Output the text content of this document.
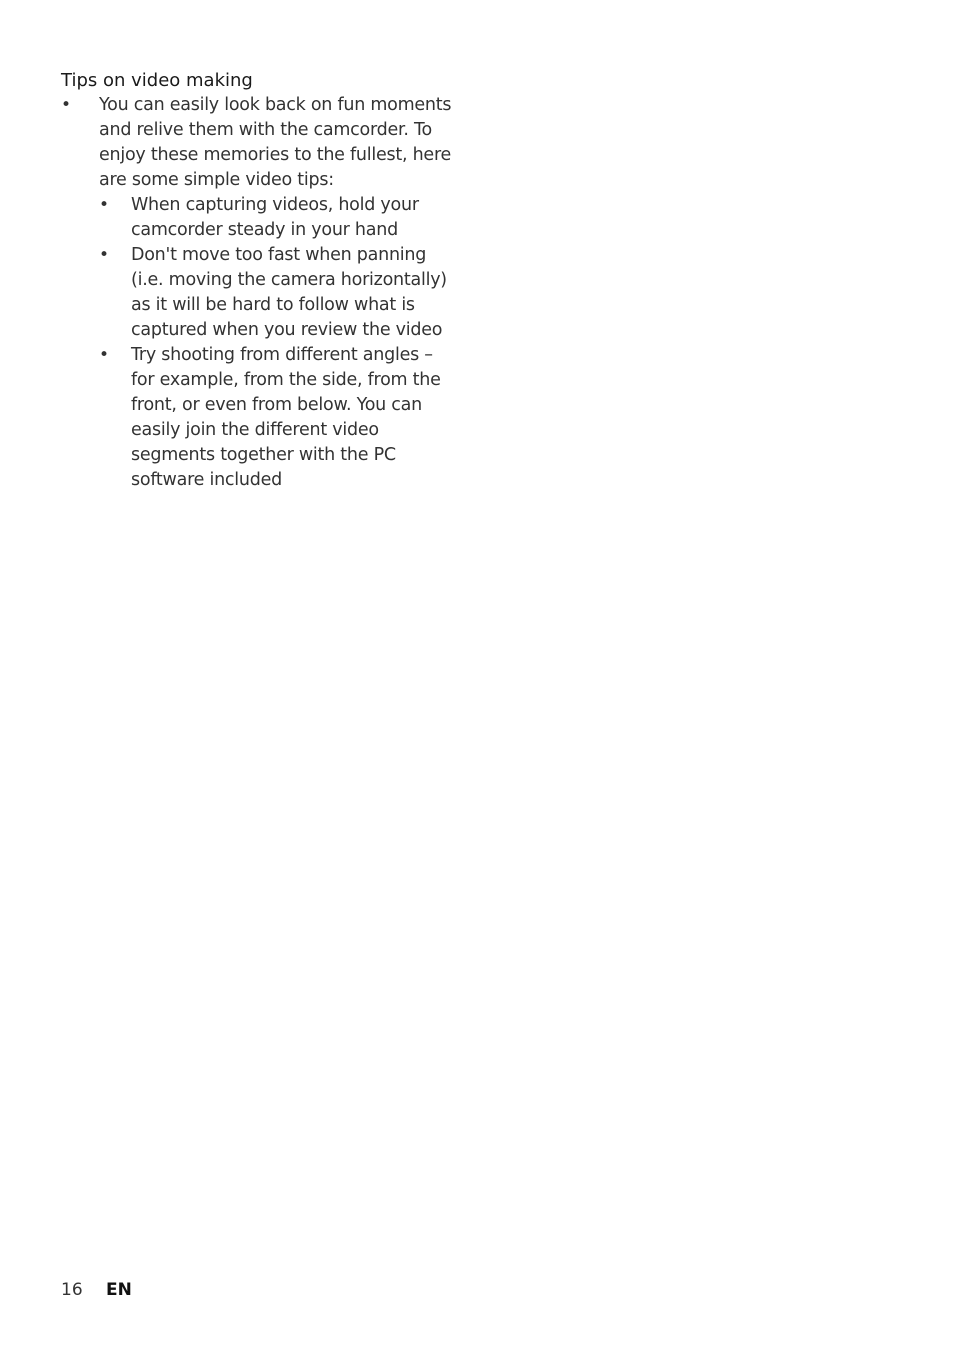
Tips on video making
• You can easily look back on fun moments and relive them with the camcorder. To enjoy these memories to the fullest, here are some simple video tips:
• When capturing videos, hold your camcorder steady in your hand
• Don't move too fast when panning (i.e. moving the camera horizontally) as it will be hard to follow what is captured when you review the video
• Try shooting from different angles – for example, from the side, from the front, or even from below. You can easily join the different video segments together with the PC software included
16 EN
